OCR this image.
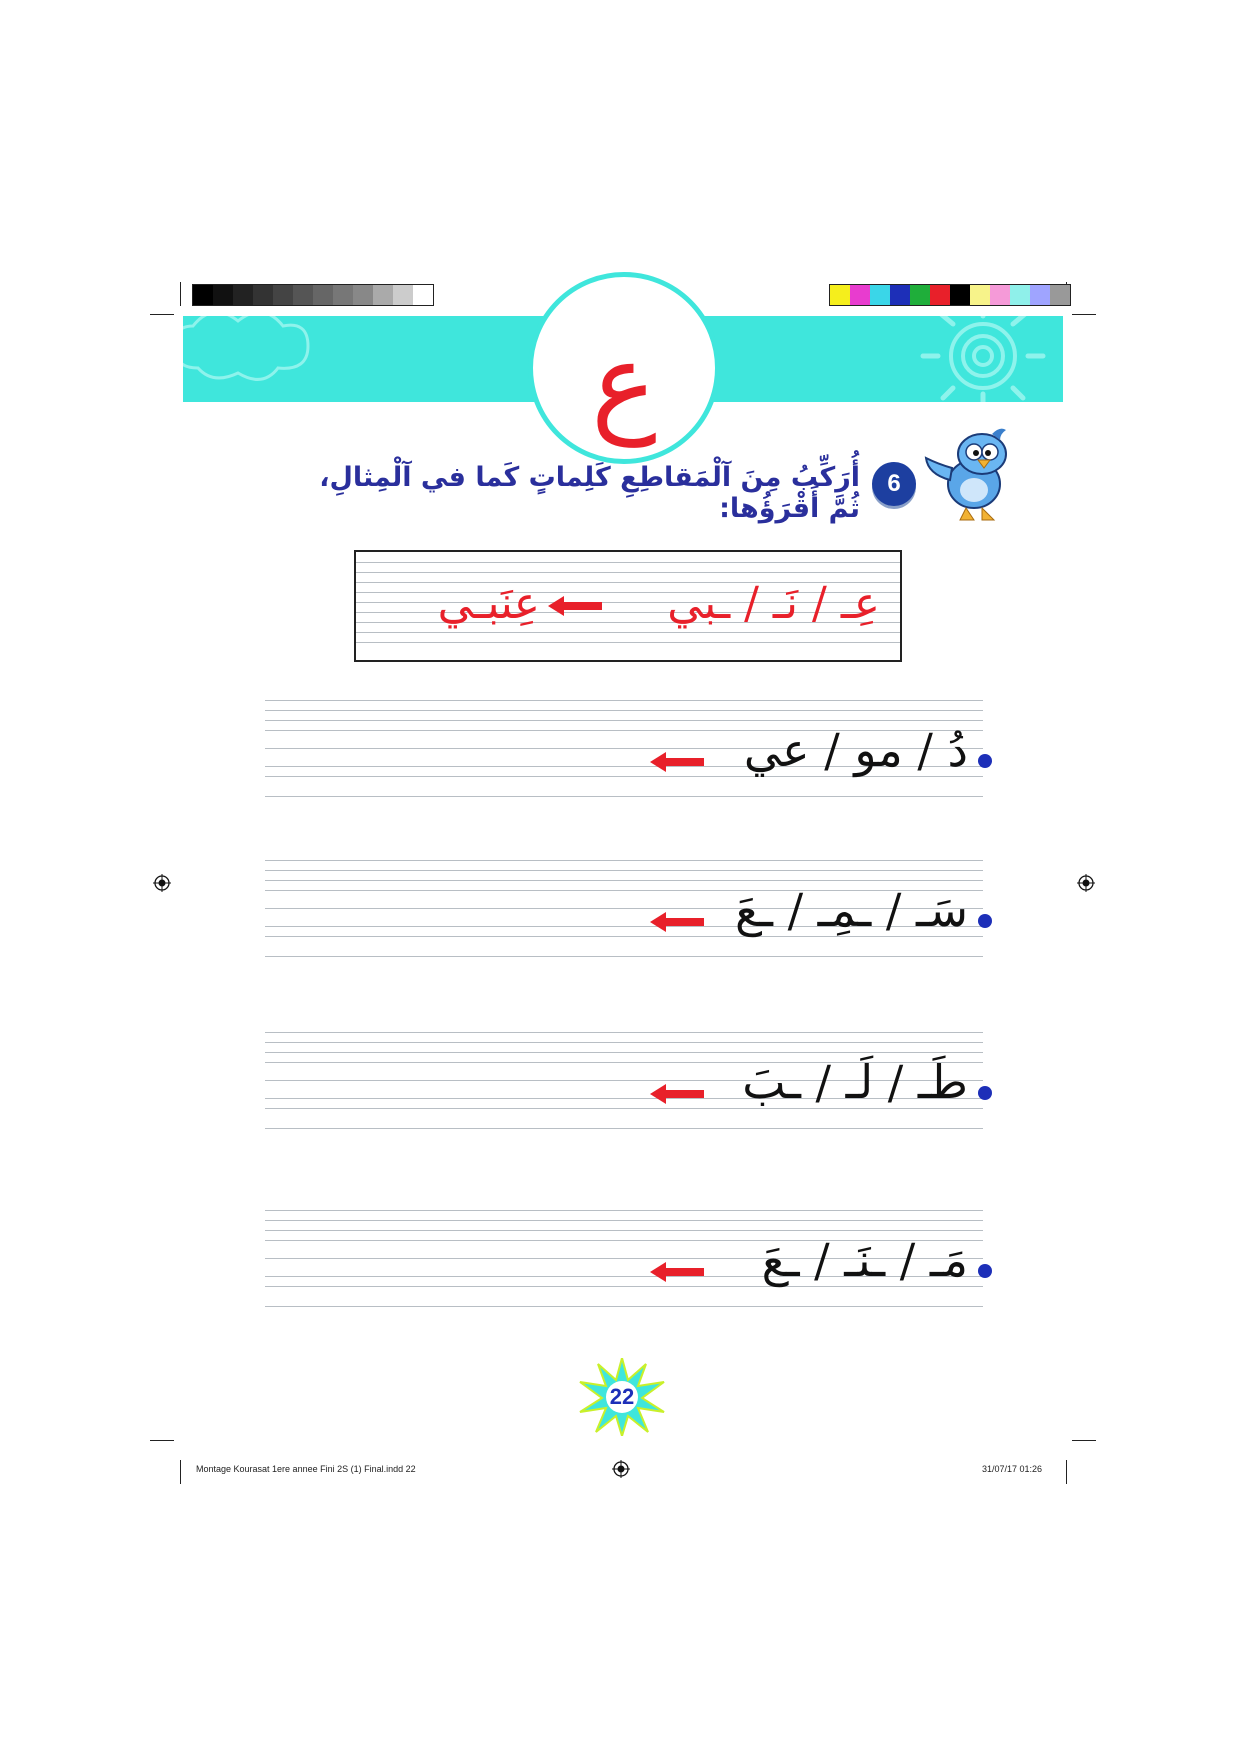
ع
6
أُرَكِّبُ مِنَ آلْمَقاطِعِ كَلِماتٍ كَما في آلْمِثالِ، ثُمَّ أَقْرَؤُها:
عِـ / نَـ / ـبي
عِنَبـي
دُ / مو / عي
سَـ / ـمِـ / ـعَ
طَـ / لَـ / ـبَ
مَـ / ـنَـ / ـعَ
22
Montage Kourasat 1ere annee Fini 2S (1) Final.indd 22	31/07/17 01:26
